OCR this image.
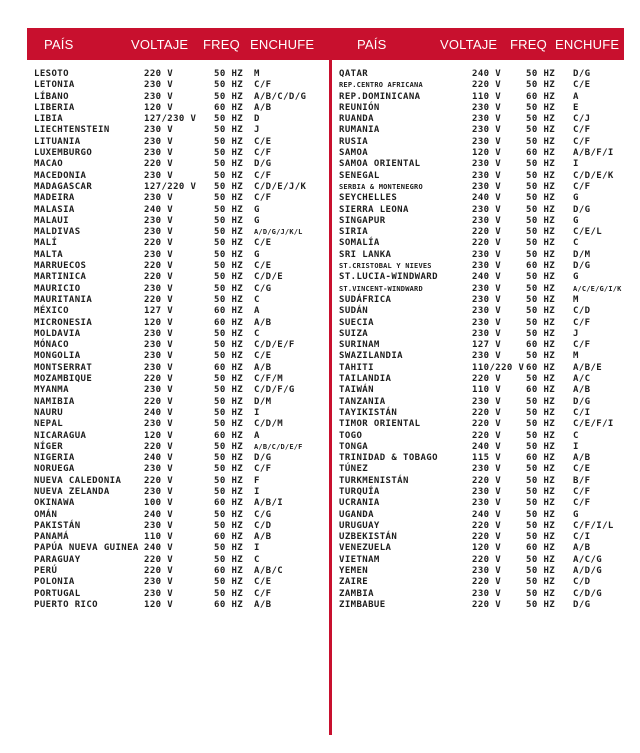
PAÍS	VOLTAJE FREQ ENCHUFE	PAÍS	VOLTAJE FREQ ENCHUFE
LESOTO	220 V	50 HZ M
LETONIA	230 V	50 HZ C/F
LÍBANO	230 V	50 HZ A/B/C/D/G
LIBERIA	120 V	60 HZ A/B
LIBIA	127/230 V 50 HZ D
LIECHTENSTEIN	230 V	50 HZ J
LITUANIA	230 V	50 HZ C/E
LUXEMBURGO	230 V	50 HZ C/F
MACAO	220 V	50 HZ D/G
MACEDONIA	230 V	50 HZ C/F
MADAGASCAR	127/220 V 50 HZ C/D/E/J/K
MADEIRA	230 V	50 HZ C/F
MALASIA	240 V	50 HZ G
MALAUI	230 V	50 HZ G
MALDIVAS	230 V	50 HZ A/D/G/J/K/L
MALÍ	220 V	50 HZ C/E
MALTA	230 V	50 HZ G
MARRUECOS	220 V	50 HZ C/E
MARTINICA	220 V	50 HZ C/D/E
MAURICIO	230 V	50 HZ C/G
MAURITANIA	220 V	50 HZ C
MÉXICO	127 V	60 HZ A
MICRONESIA	120 V	60 HZ A/B
MOLDAVIA	230 V	50 HZ C
MÓNACO	230 V	50 HZ C/D/E/F
MONGOLIA	230 V	50 HZ C/E
MONTSERRAT	230 V	60 HZ A/B
MOZAMBIQUE	220 V	50 HZ C/F/M
MYANMA	230 V	50 HZ C/D/F/G
NAMIBIA	220 V	50 HZ D/M
NAURU	240 V	50 HZ I
NEPAL	230 V	50 HZ C/D/M
NICARAGUA	120 V	60 HZ A
NÍGER	220 V	50 HZ A/B/C/D/E/F
NIGERIA	240 V	50 HZ D/G
NORUEGA	230 V	50 HZ C/F
NUEVA CALEDONIA	220 V	50 HZ F
NUEVA ZELANDA	230 V	50 HZ I
OKINAWA	100 V	60 HZ A/B/I
OMÁN	240 V	50 HZ C/G
PAKISTÁN	230 V	50 HZ C/D
PANAMÁ	110 V	60 HZ A/B
PAPÚA NUEVA GUINEA 240 V	50 HZ I
PARAGUAY	220 V	50 HZ C
PERÚ	220 V	60 HZ A/B/C
POLONIA	230 V	50 HZ C/E
PORTUGAL	230 V	50 HZ C/F
PUERTO RICO	120 V	60 HZ A/B
QATAR	240 V	50 HZ D/G
REP.CENTRO AFRICANA	220 V	50 HZ C/E
REP.DOMINICANA	110 V	60 HZ A
REUNIÓN	230 V	50 HZ E
RUANDA	230 V	50 HZ C/J
RUMANIA	230 V	50 HZ C/F
RUSIA	230 V	50 HZ C/F
SAMOA	120 V	60 HZ A/B/F/I
SAMOA ORIENTAL	230 V	50 HZ I
SENEGAL	230 V	50 HZ C/D/E/K
SERBIA & MONTENEGRO	230 V	50 HZ C/F
SEYCHELLES	240 V	50 HZ G
SIERRA LEONA	230 V	50 HZ D/G
SINGAPUR	230 V	50 HZ G
SIRIA	220 V	50 HZ C/E/L
SOMALÍA	220 V	50 HZ C
SRI LANKA	230 V	50 HZ D/M
ST.CRISTOBAL Y NIEVES	230 V	60 HZ D/G
ST.LUCIA-WINDWARD	240 V	50 HZ G
ST.VINCENT-WINDWARD	230 V	50 HZ	A/C/E/G/I/K
SUDÁFRICA	230 V	50 HZ M
SUDÁN	230 V	50 HZ C/D
SUECIA	230 V	50 HZ C/F
SUIZA	230 V	50 HZ J
SURINAM	127 V	60 HZ C/F
SWAZILANDIA	230 V	50 HZ M
TAHITI	110/220 V 60 HZ A/B/E
TAILANDIA	220 V	50 HZ A/C
TAIWÁN	110 V	60 HZ A/B
TANZANIA	230 V	50 HZ D/G
TAYIKISTÁN	220 V	50 HZ C/I
TIMOR ORIENTAL	220 V	50 HZ C/E/F/I
TOGO	220 V	50 HZ C
TONGA	240 V	50 HZ I
TRINIDAD & TOBAGO	115 V	60 HZ A/B
TÚNEZ	230 V	50 HZ C/E
TURKMENISTÁN	220 V	50 HZ B/F
TURQUÍA	230 V	50 HZ C/F
UCRANIA	230 V	50 HZ C/F
UGANDA	240 V	50 HZ G
URUGUAY	220 V	50 HZ C/F/I/L
UZBEKISTÁN	220 V	50 HZ C/I
VENEZUELA	120 V	60 HZ A/B
VIETNAM	220 V	50 HZ A/C/G
YEMEN	230 V	50 HZ A/D/G
ZAIRE	220 V	50 HZ C/D
ZAMBIA	230 V	50 HZ C/D/G
ZIMBABUE	220 V	50 HZ D/G
